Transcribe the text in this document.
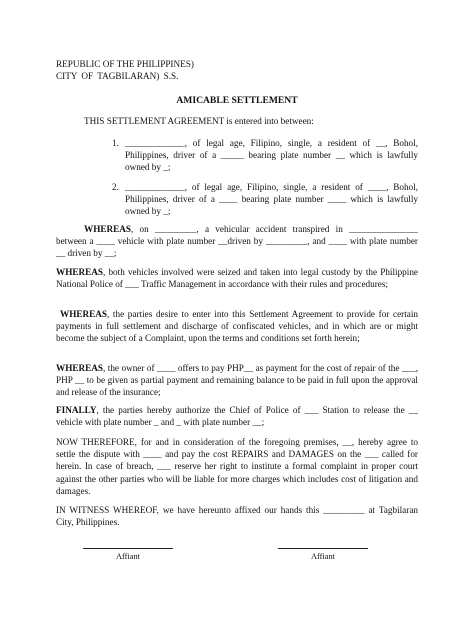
REPUBLIC OF THE PHILIPPINES)
CITY OF TAGBILARAN) S.S.
AMICABLE SETTLEMENT
THIS SETTLEMENT AGREEMENT is entered into between:
1. _____________, of legal age, Filipino, single, a resident of __, Bohol, Philippines, driver of a _____ bearing plate number __ which is lawfully owned by _;
2. _____________, of legal age, Filipino, single, a resident of ____, Bohol, Philippines, driver of a ____ bearing plate number ____ which is lawfully owned by _;
WHEREAS, on _________, a vehicular accident transpired in _______________ between a ____ vehicle with plate number __driven by _________, and ____ with plate number __ driven by __;
WHEREAS, both vehicles involved were seized and taken into legal custody by the Philippine National Police of ___ Traffic Management in accordance with their rules and procedures;
WHEREAS, the parties desire to enter into this Settlement Agreement to provide for certain payments in full settlement and discharge of confiscated vehicles, and in which are or might become the subject of a Complaint, upon the terms and conditions set forth herein;
WHEREAS, the owner of ____ offers to pay PHP__ as payment for the cost of repair of the ___, PHP __ to be given as partial payment and remaining balance to be paid in full upon the approval and release of the insurance;
FINALLY, the parties hereby authorize the Chief of Police of ___ Station to release the __ vehicle with plate number _ and _ with plate number __;
NOW THEREFORE, for and in consideration of the foregoing premises, __, hereby agree to settle the dispute with ____ and pay the cost REPAIRS and DAMAGES on the ___ called for herein. In case of breach, ___ reserve her right to institute a formal complaint in proper court against the other parties who will be liable for more charges which includes cost of litigation and damages.
IN WITNESS WHEREOF, we have hereunto affixed our hands this _________ at Tagbilaran City, Philippines.
Affiant	Affiant
